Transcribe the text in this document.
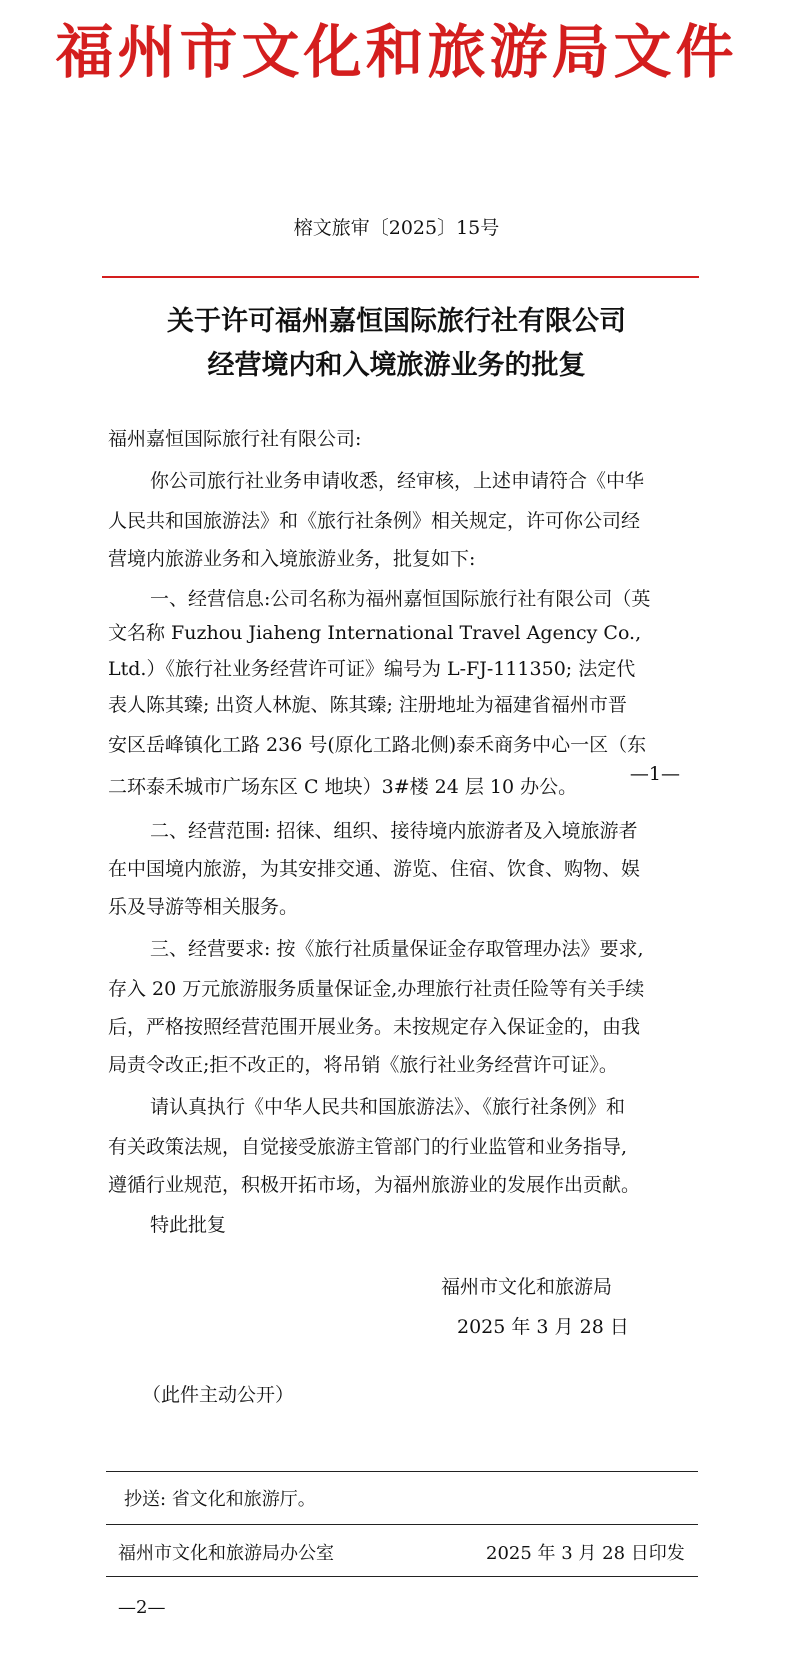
福州市文化和旅游局文件
榕文旅审〔2025〕15号
关于许可福州嘉恒国际旅行社有限公司
经营境内和入境旅游业务的批复
福州嘉恒国际旅行社有限公司:
你公司旅行社业务申请收悉，经审核，上述申请符合《中华
人民共和国旅游法》和《旅行社条例》相关规定，许可你公司经
营境内旅游业务和入境旅游业务，批复如下:
一、经营信息:公司名称为福州嘉恒国际旅行社有限公司（英
文名称 Fuzhou Jiaheng International Travel Agency Co.,
Ltd.）《旅行社业务经营许可证》编号为 L-FJ-111350; 法定代
表人陈其臻; 出资人林旎、陈其臻; 注册地址为福建省福州市晋
—1—
安区岳峰镇化工路 236 号(原化工路北侧)泰禾商务中心一区（东
二环泰禾城市广场东区 C 地块）3#楼 24 层 10 办公。
二、经营范围: 招徕、组织、接待境内旅游者及入境旅游者
在中国境内旅游，为其安排交通、游览、住宿、饮食、购物、娱
乐及导游等相关服务。
三、经营要求: 按《旅行社质量保证金存取管理办法》要求,
存入 20 万元旅游服务质量保证金,办理旅行社责任险等有关手续
后，严格按照经营范围开展业务。未按规定存入保证金的，由我
局责令改正;拒不改正的，将吊销《旅行社业务经营许可证》。
请认真执行《中华人民共和国旅游法》、《旅行社条例》和
有关政策法规，自觉接受旅游主管部门的行业监管和业务指导,
遵循行业规范，积极开拓市场，为福州旅游业的发展作出贡献。
特此批复
福州市文化和旅游局
2025 年 3 月 28 日
（此件主动公开）
抄送: 省文化和旅游厅。
福州市文化和旅游局办公室	2025 年 3 月 28 日印发
—2—
